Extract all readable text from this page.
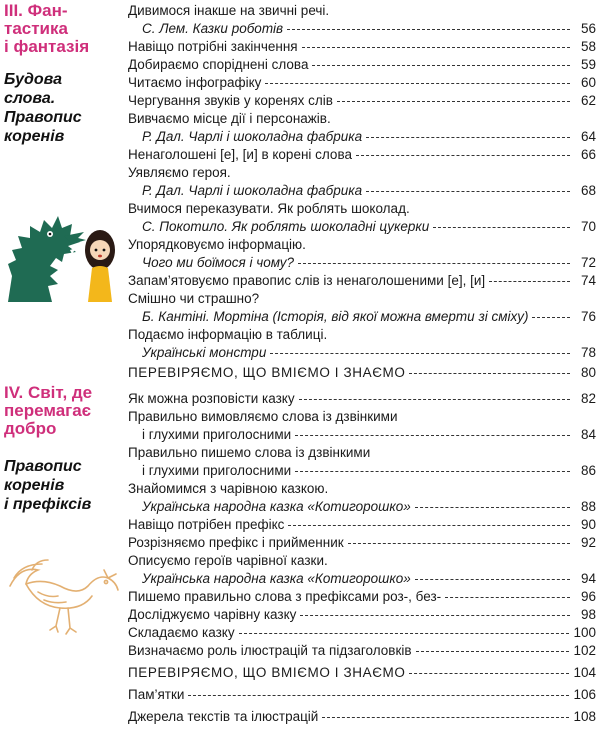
III. Фан-

тастика

і фантазія

Будова

слова.

Правопис

коренів

IV. Світ, де

перемагає

добро

Правопис

коренів

і префіксів

Дивимося інакше на звичні речі.
С. Лем. Казки роботів	56
Навіщо потрібні закінчення	58
Добираємо споріднені слова	59
Читаємо інфографіку	60
Чергування звуків у коренях слів	62
Вивчаємо місце дії і персонажів.
Р. Дал. Чарлі і шоколадна фабрика	64
Ненаголошені [е], [и] в корені слова	66
Уявляємо героя.
Р. Дал. Чарлі і шоколадна фабрика	68
Вчимося переказувати. Як роблять шоколад.
С. Покотило. Як роблять шоколадні цукерки	70
Упорядковуємо інформацію.
Чого ми боїмося і чому?	72
Запам’ятовуємо правопис слів із ненаголошеними [е], [и]	74
Смішно чи страшно?
Б. Кантіні. Мортіна (Історія, від якої можна вмерти зі сміху)	76
Подаємо інформацію в таблиці.
Українські монстри	78
ПЕРЕВІРЯЄМО, ЩО ВМІЄМО І ЗНАЄМО	80
Як можна розповісти казку	82
Правильно вимовляємо слова із дзвінкими
і глухими приголосними	84
Правильно пишемо слова із дзвінкими
і глухими приголосними	86
Знайомимся з чарівною казкою.
Українська народна казка «Котигорошко»	88
Навіщо потрібен префікс	90
Розрізняємо префікс і прийменник	92
Описуємо героїв чарівної казки.
Українська народна казка «Котигорошко»	94
Пишемо правильно слова з префіксами роз-, без-	96
Досліджуємо чарівну казку	98
Складаємо казку	100
Визначаємо роль ілюстрацій та підзаголовків	102
ПЕРЕВІРЯЄМО, ЩО ВМІЄМО І ЗНАЄМО	104
Пам’ятки	106
Джерела текстів та ілюстрацій	108
